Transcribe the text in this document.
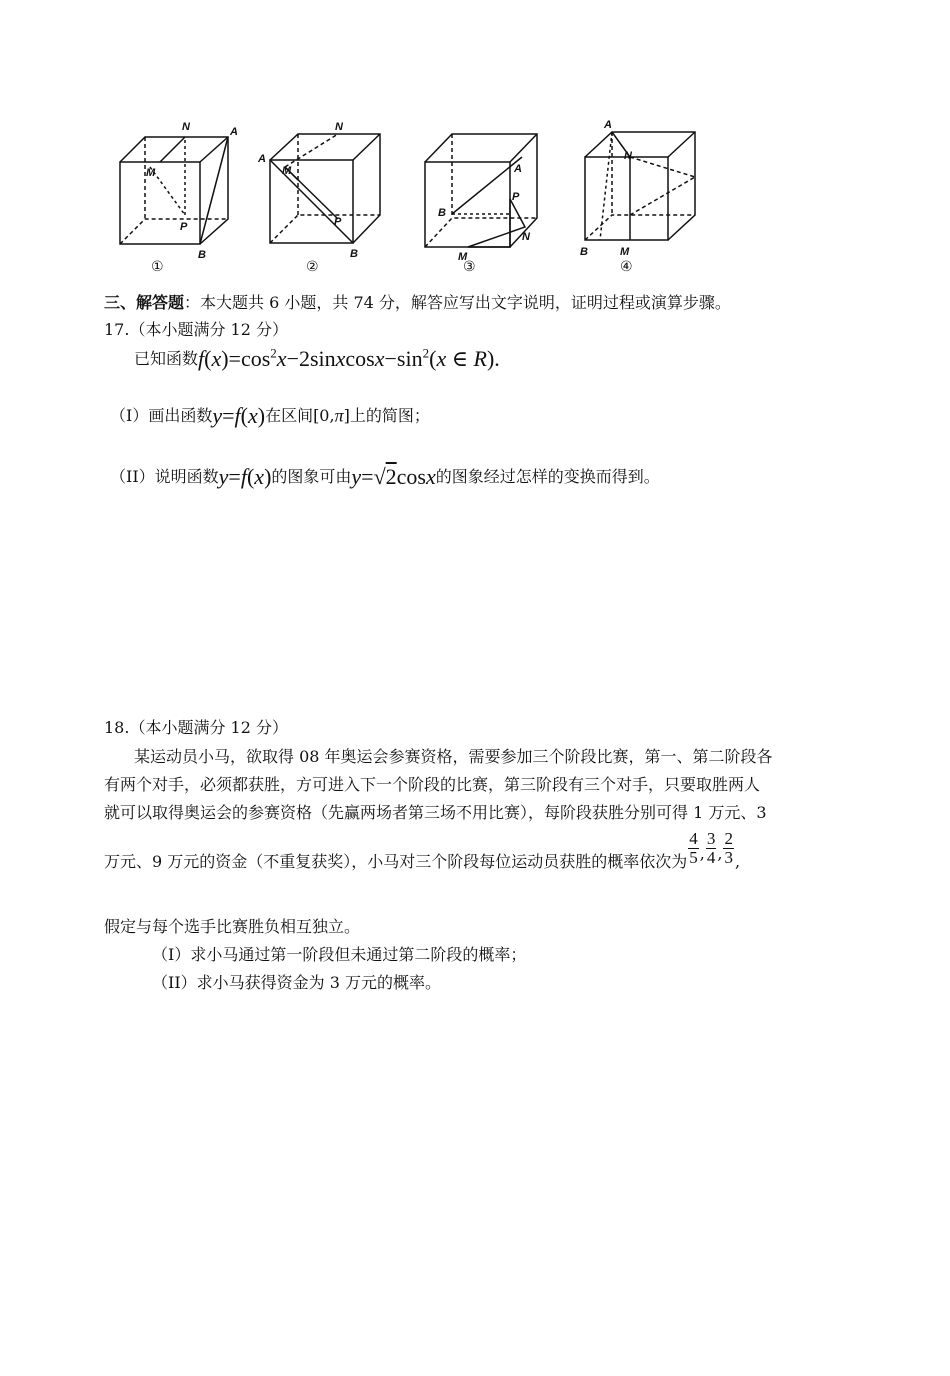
N	A
M
P
B
N
A
M
P
B
A
B
P
M
N
A
N
B	M
①	②	③	④
三、解答题：本大题共 6 小题，共 74 分，解答应写出文字说明，证明过程或演算步骤。
17.（本小题满分 12 分）
已知函数$f(x)=\cos^2x-2sinxcosx-\sin^2(x$ ∈ R).
（I）画出函数y=f(x)在区间[0,π]上的简图；
（II）说明函数y=f(x)的图象可由y=√2cosx的图象经过怎样的变换而得到。
18.（本小题满分 12 分）
某运动员小马，欲取得 08 年奥运会参赛资格，需要参加三个阶段比赛，第一、第二阶段各
有两个对手，必须都获胜，方可进入下一个阶段的比赛，第三阶段有三个对手，只要取胜两人
就可以取得奥运会的参赛资格（先赢两场者第三场不用比赛），每阶段获胜分别可得 1 万元、3
万元、9 万元的资金（不重复获奖），小马对三个阶段每位运动员获胜的概率依次为 $\frac{4}{5}$ , $\frac{3}{4}$ , $\frac{2}{3}$ ,
假定与每个选手比赛胜负相互独立。
（I）求小马通过第一阶段但未通过第二阶段的概率；
（II）求小马获得资金为 3 万元的概率。
